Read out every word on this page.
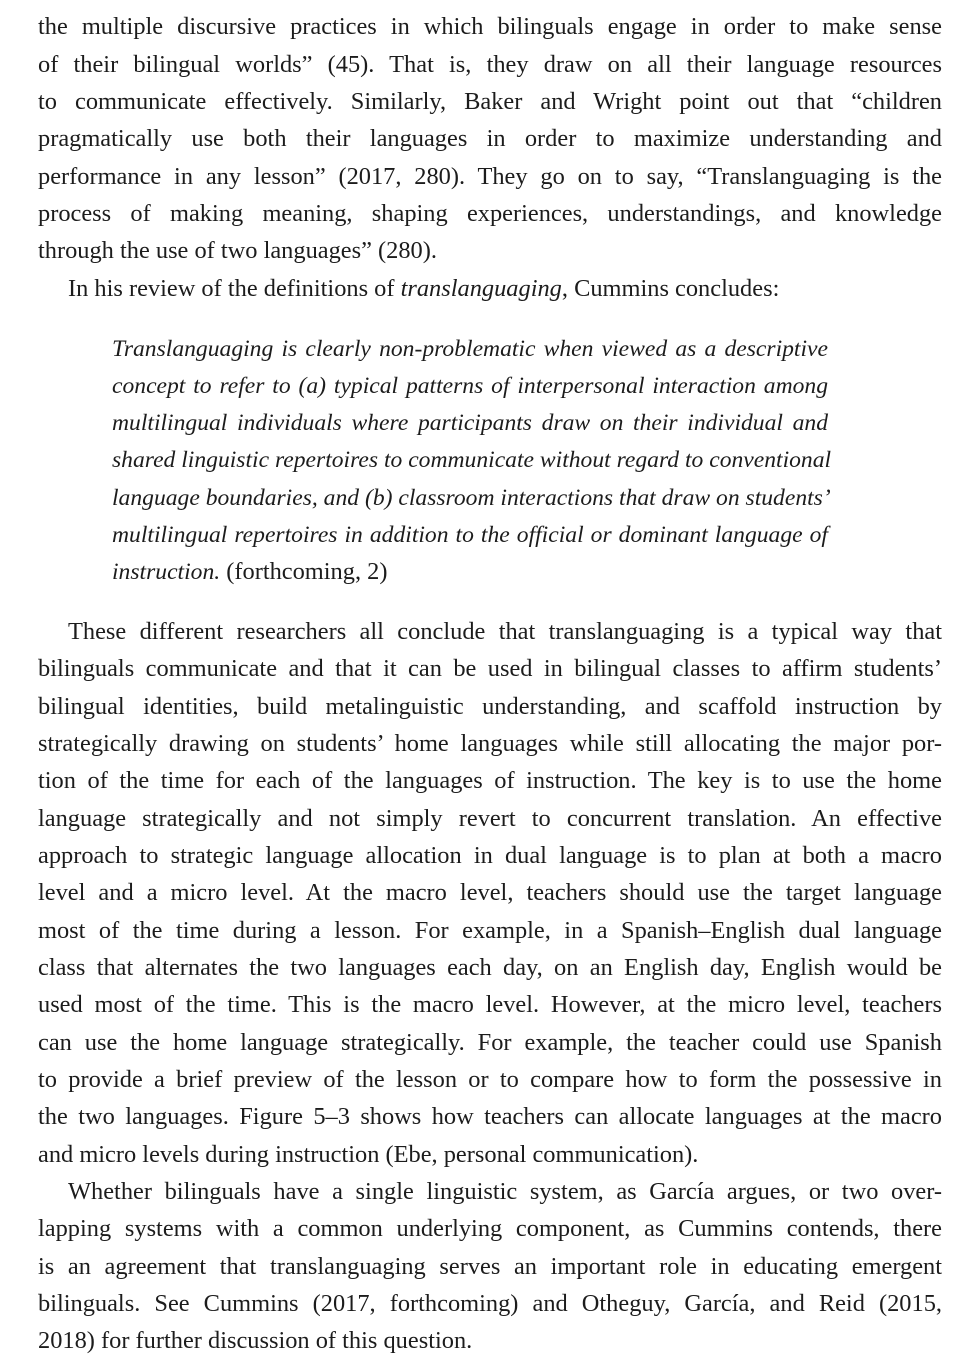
the multiple discursive practices in which bilinguals engage in order to make sense
of their bilingual worlds” (45). That is, they draw on all their language resources
to communicate effectively. Similarly, Baker and Wright point out that “children
pragmatically use both their languages in order to maximize understanding and
performance in any lesson” (2017, 280). They go on to say, “Translanguaging is the
process of making meaning, shaping experiences, understandings, and knowledge
through the use of two languages” (280).
In his review of the definitions of translanguaging, Cummins concludes:
Translanguaging is clearly non-problematic when viewed as a descriptive
concept to refer to (a) typical patterns of interpersonal interaction among
multilingual individuals where participants draw on their individual and
shared linguistic repertoires to communicate without regard to conventional
language boundaries, and (b) classroom interactions that draw on students’
multilingual repertoires in addition to the official or dominant language of
instruction. (forthcoming, 2)
These different researchers all conclude that translanguaging is a typical way that
bilinguals communicate and that it can be used in bilingual classes to affirm students’
bilingual identities, build metalinguistic understanding, and scaffold instruction by
strategically drawing on students’ home languages while still allocating the major por-
tion of the time for each of the languages of instruction. The key is to use the home
language strategically and not simply revert to concurrent translation. An effective
approach to strategic language allocation in dual language is to plan at both a macro
level and a micro level. At the macro level, teachers should use the target language
most of the time during a lesson. For example, in a Spanish–English dual language
class that alternates the two languages each day, on an English day, English would be
used most of the time. This is the macro level. However, at the micro level, teachers
can use the home language strategically. For example, the teacher could use Spanish
to provide a brief preview of the lesson or to compare how to form the possessive in
the two languages. Figure 5–3 shows how teachers can allocate languages at the macro
and micro levels during instruction (Ebe, personal communication).
Whether bilinguals have a single linguistic system, as García argues, or two over-
lapping systems with a common underlying component, as Cummins contends, there
is an agreement that translanguaging serves an important role in educating emergent
bilinguals. See Cummins (2017, forthcoming) and Otheguy, García, and Reid (2015,
2018) for further discussion of this question.
